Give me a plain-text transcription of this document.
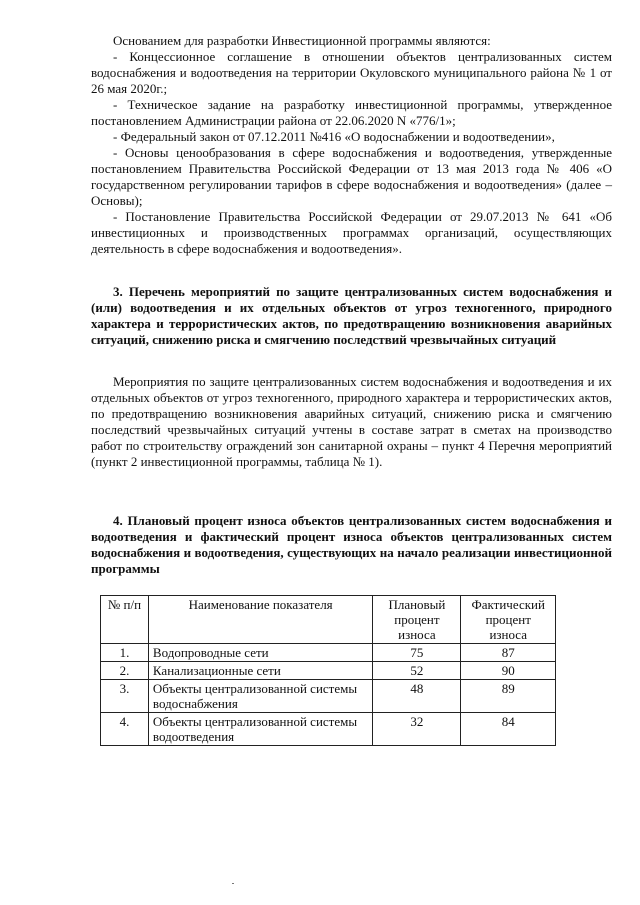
Основанием для разработки Инвестиционной программы являются:

- Концессионное соглашение в отношении объектов централизованных систем водоснабжения и водоотведения на территории Окуловского муниципального района № 1 от 26 мая 2020г.;

- Техническое задание на разработку инвестиционной программы, утвержденное постановлением Администрации района от 22.06.2020 N «776/1»;

- Федеральный закон от 07.12.2011 №416 «О водоснабжении и водоотведении»,

- Основы ценообразования в сфере водоснабжения и водоотведения, утвержденные постановлением Правительства Российской Федерации от 13 мая 2013 года № 406 «О государственном регулировании тарифов в сфере водоснабжения и водоотведения» (далее – Основы);

- Постановление Правительства Российской Федерации от 29.07.2013 № 641 «Об инвестиционных и производственных программах организаций, осуществляющих деятельность в сфере водоснабжения и водоотведения».

3. Перечень мероприятий по защите централизованных систем водоснабжения и (или) водоотведения и их отдельных объектов от угроз техногенного, природного характера и террористических актов, по предотвращению возникновения аварийных ситуаций, снижению риска и смягчению последствий чрезвычайных ситуаций

Мероприятия по защите централизованных систем водоснабжения и водоотведения и их отдельных объектов от угроз техногенного, природного характера и террористических актов, по предотвращению возникновения аварийных ситуаций, снижению риска и смягчению последствий чрезвычайных ситуаций учтены в составе затрат в сметах на производство работ по строительству ограждений зон санитарной охраны – пункт 4 Перечня мероприятий (пункт 2 инвестиционной программы, таблица № 1).

4. Плановый процент износа объектов централизованных систем водоснабжения и водоотведения и фактический процент износа объектов централизованных систем водоснабжения и водоотведения, существующих на начало реализации инвестиционной программы

№ п/п	Наименование показателя	Плановый процент износа	Фактический процент износа
1.	Водопроводные сети	75	87
2.	Канализационные сети	52	90
3.	Объекты централизованной системы водоснабжения	48	89
4.	Объекты централизованной системы водоотведения	32	84
